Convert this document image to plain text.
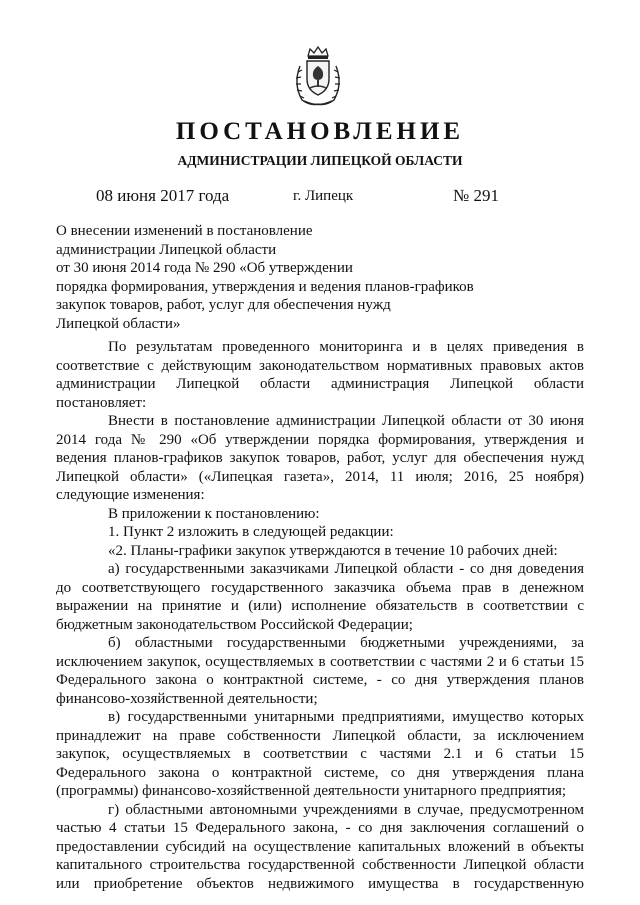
ПОСТАНОВЛЕНИЕ
АДМИНИСТРАЦИИ ЛИПЕЦКОЙ ОБЛАСТИ
08 июня 2017 года	г. Липецк	№ 291
О внесении изменений в постановление
администрации Липецкой области
от 30 июня 2014 года № 290 «Об утверждении
порядка формирования, утверждения и ведения планов-графиков
закупок товаров, работ, услуг для обеспечения нужд
Липецкой области»

По результатам проведенного мониторинга и в целях приведения в соответствие с действующим законодательством нормативных правовых актов администрации Липецкой области администрация Липецкой области постановляет:

Внести в постановление администрации Липецкой области от 30 июня 2014 года № 290 «Об утверждении порядка формирования, утверждения и ведения планов-графиков закупок товаров, работ, услуг для обеспечения нужд Липецкой области» («Липецкая газета», 2014, 11 июля; 2016, 25 ноября) следующие изменения:

В приложении к постановлению:

1. Пункт 2 изложить в следующей редакции:

«2. Планы-графики закупок утверждаются в течение 10 рабочих дней:

а) государственными заказчиками Липецкой области - со дня доведения до соответствующего государственного заказчика объема прав в денежном выражении на принятие и (или) исполнение обязательств в соответствии с бюджетным законодательством Российской Федерации;

б) областными государственными бюджетными учреждениями, за исключением закупок, осуществляемых в соответствии с частями 2 и 6 статьи 15 Федерального закона о контрактной системе, - со дня утверждения планов финансово-хозяйственной деятельности;

в) государственными унитарными предприятиями, имущество которых принадлежит на праве собственности Липецкой области, за исключением закупок, осуществляемых в соответствии с частями 2.1 и 6 статьи 15 Федерального закона о контрактной системе, со дня утверждения плана (программы) финансово-хозяйственной деятельности унитарного предприятия;

г) областными автономными учреждениями в случае, предусмотренном частью 4 статьи 15 Федерального закона, - со дня заключения соглашений о предоставлении субсидий на осуществление капитальных вложений в объекты капитального строительства государственной собственности Липецкой области или приобретение объектов недвижимого имущества в государственную
